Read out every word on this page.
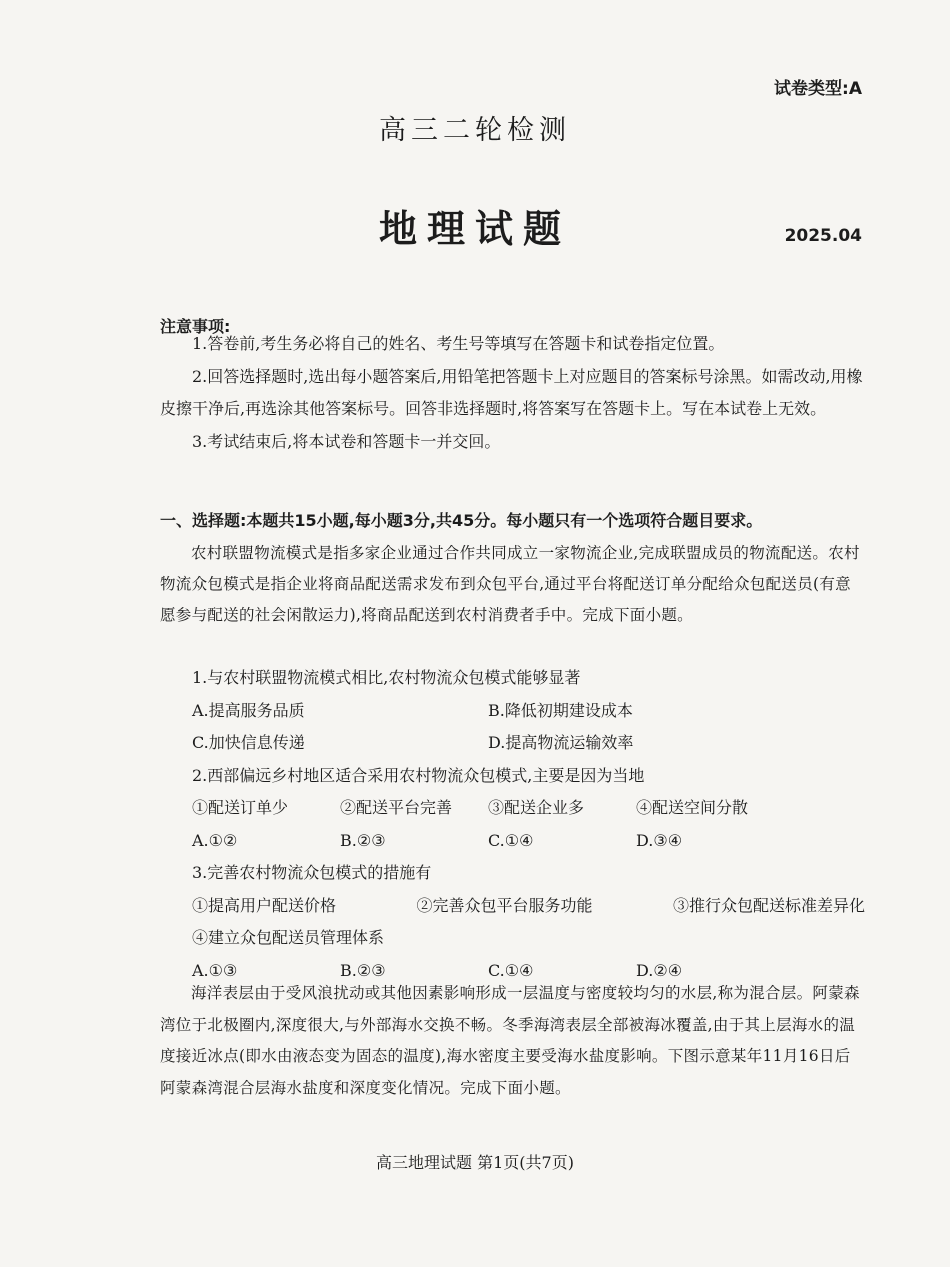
试卷类型:A
高三二轮检测
地理试题	2025.04
注意事项:

1.答卷前,考生务必将自己的姓名、考生号等填写在答题卡和试卷指定位置。

2.回答选择题时,选出每小题答案后,用铅笔把答题卡上对应题目的答案标号涂黑。如需改动,用橡皮擦干净后,再选涂其他答案标号。回答非选择题时,将答案写在答题卡上。写在本试卷上无效。

3.考试结束后,将本试卷和答题卡一并交回。

一、选择题:本题共15小题,每小题3分,共45分。每小题只有一个选项符合题目要求。

农村联盟物流模式是指多家企业通过合作共同成立一家物流企业,完成联盟成员的物流配送。农村物流众包模式是指企业将商品配送需求发布到众包平台,通过平台将配送订单分配给众包配送员(有意愿参与配送的社会闲散运力),将商品配送到农村消费者手中。完成下面小题。

1.与农村联盟物流模式相比,农村物流众包模式能够显著
A.提高服务品质	B.降低初期建设成本
C.加快信息传递	D.提高物流运输效率
2.西部偏远乡村地区适合采用农村物流众包模式,主要是因为当地
①配送订单少	②配送平台完善	③配送企业多	④配送空间分散
A.①②	B.②③	C.①④	D.③④
3.完善农村物流众包模式的措施有
①提高用户配送价格	②完善众包平台服务功能	③推行众包配送标准差异化
④建立众包配送员管理体系
A.①③	B.②③	C.①④	D.②④

海洋表层由于受风浪扰动或其他因素影响形成一层温度与密度较均匀的水层,称为混合层。阿蒙森湾位于北极圈内,深度很大,与外部海水交换不畅。冬季海湾表层全部被海冰覆盖,由于其上层海水的温度接近冰点(即水由液态变为固态的温度),海水密度主要受海水盐度影响。下图示意某年11月16日后阿蒙森湾混合层海水盐度和深度变化情况。完成下面小题。

高三地理试题 第1页(共7页)
